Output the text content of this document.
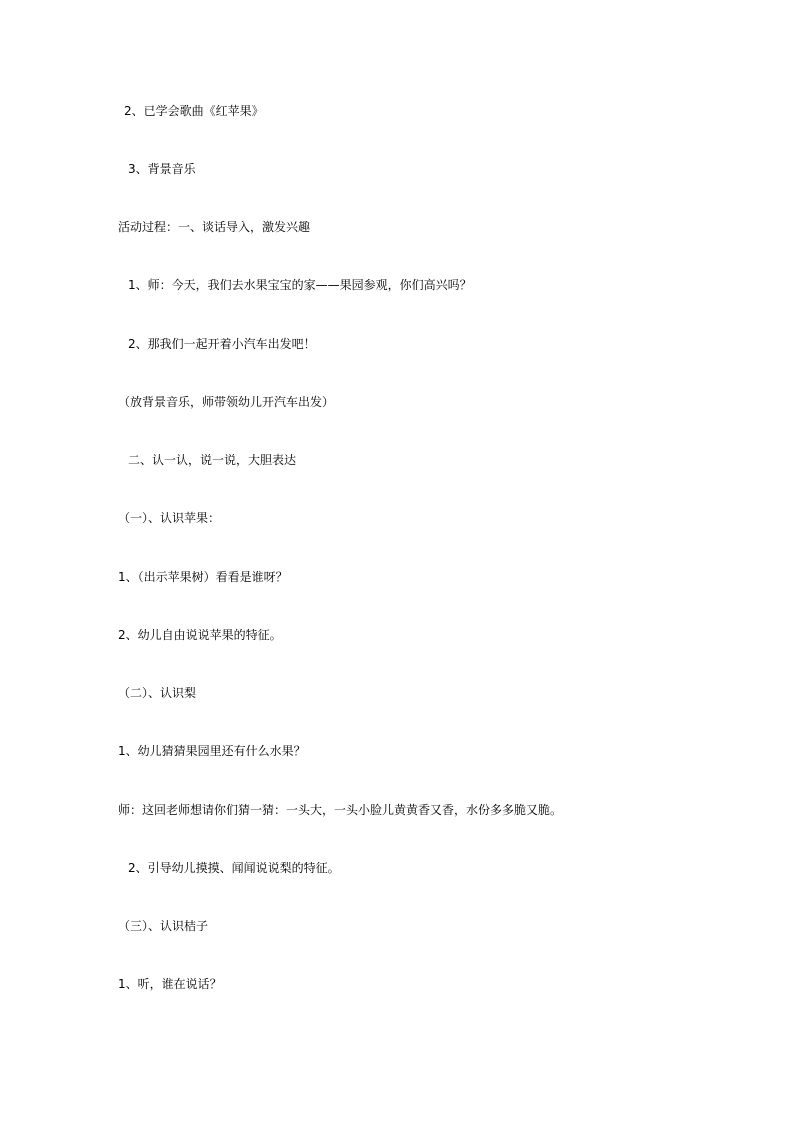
2、已学会歌曲《红苹果》
3、背景音乐
活动过程：一、谈话导入，激发兴趣
1、师：今天，我们去水果宝宝的家——果园参观，你们高兴吗？
2、那我们一起开着小汽车出发吧！
（放背景音乐，师带领幼儿开汽车出发）
二、认一认，说一说，大胆表达
（一）、认识苹果：
1、（出示苹果树）看看是谁呀？
2、幼儿自由说说苹果的特征。
（二）、认识梨
1、幼儿猜猜果园里还有什么水果？
师：这回老师想请你们猜一猜：一头大，一头小脸儿黄黄香又香，水份多多脆又脆。
2、引导幼儿摸摸、闻闻说说梨的特征。
（三）、认识桔子
1、听，谁在说话？
